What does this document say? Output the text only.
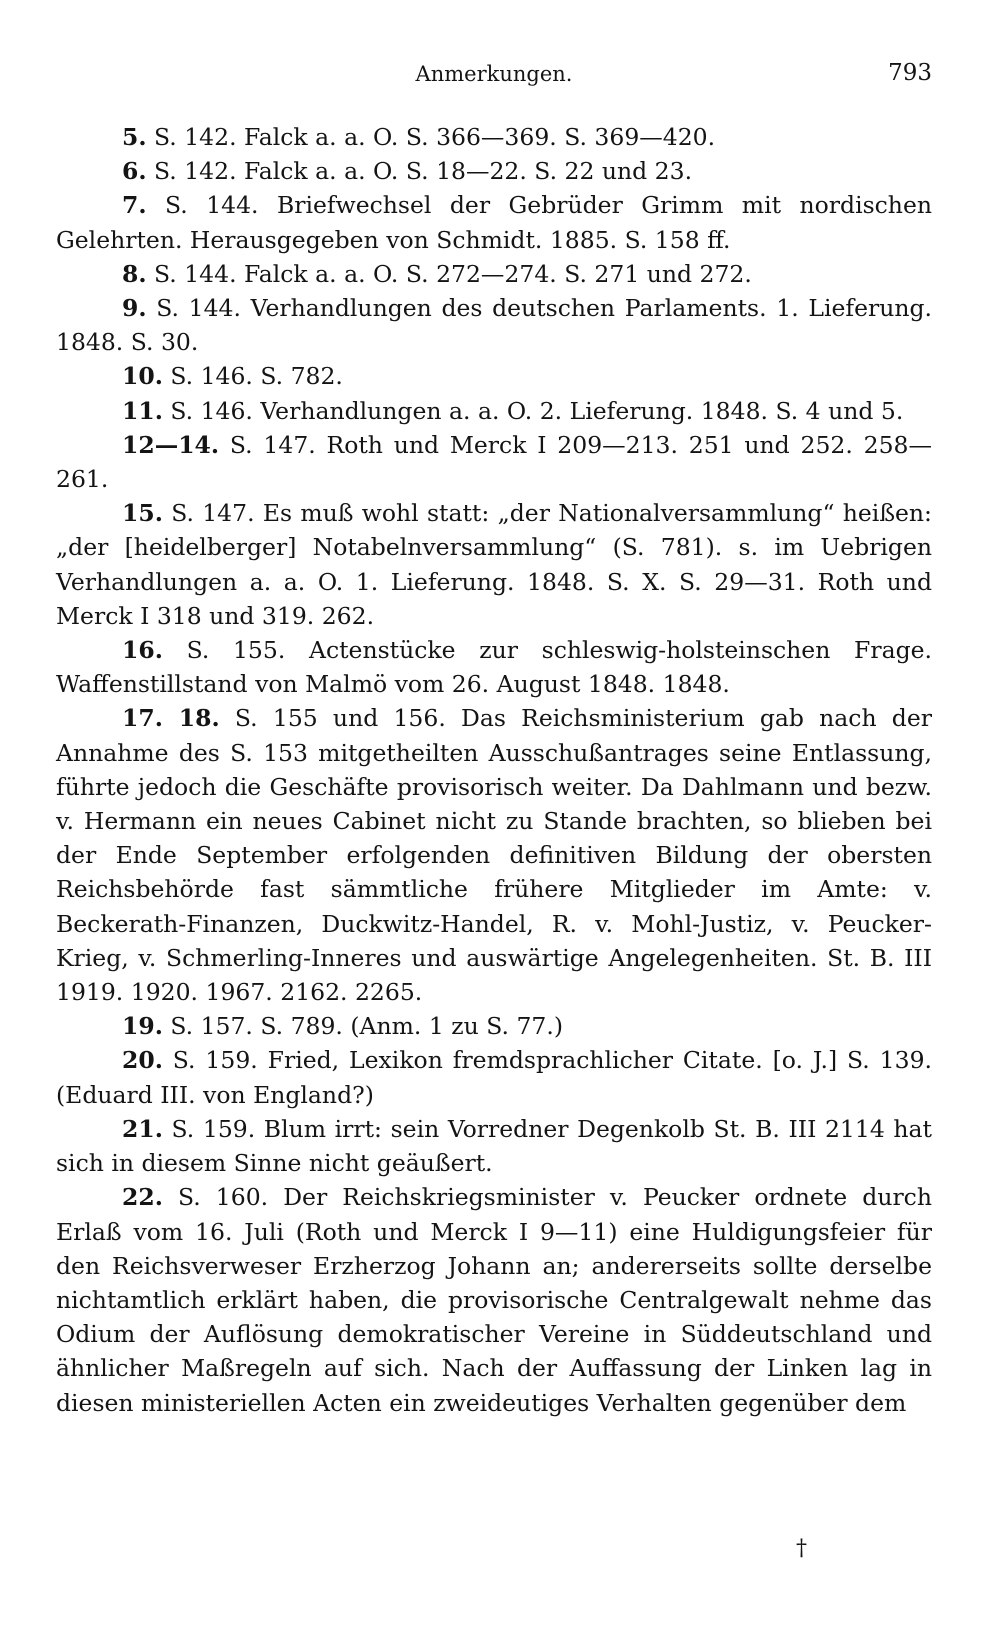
Anmerkungen.	793

5. S. 142. Falck a. a. O. S. 366—369. S. 369—420.

6. S. 142. Falck a. a. O. S. 18—22. S. 22 und 23.

7. S. 144. Briefwechsel der Gebrüder Grimm mit nordischen Gelehrten. Herausgegeben von Schmidt. 1885. S. 158 ff.

8. S. 144. Falck a. a. O. S. 272—274. S. 271 und 272.

9. S. 144. Verhandlungen des deutschen Parlaments. 1. Lieferung. 1848. S. 30.

10. S. 146. S. 782.

11. S. 146. Verhandlungen a. a. O. 2. Lieferung. 1848. S. 4 und 5.

12—14. S. 147. Roth und Merck I 209—213. 251 und 252. 258—261.

15. S. 147. Es muß wohl statt: „der Nationalversammlung“ heißen: „der [heidelberger] Notabelnversammlung“ (S. 781). s. im Uebrigen Verhandlungen a. a. O. 1. Lieferung. 1848. S. X. S. 29—31. Roth und Merck I 318 und 319. 262.

16. S. 155. Actenstücke zur schleswig-holsteinschen Frage. Waffenstillstand von Malmö vom 26. August 1848. 1848.

17. 18. S. 155 und 156. Das Reichsministerium gab nach der Annahme des S. 153 mitgetheilten Ausschußantrages seine Entlassung, führte jedoch die Geschäfte provisorisch weiter. Da Dahlmann und bezw. v. Hermann ein neues Cabinet nicht zu Stande brachten, so blieben bei der Ende September erfolgenden definitiven Bildung der obersten Reichsbehörde fast sämmtliche frühere Mitglieder im Amte: v. Beckerath-Finanzen, Duckwitz-Handel, R. v. Mohl-Justiz, v. Peucker-Krieg, v. Schmerling-Inneres und auswärtige Angelegenheiten. St. B. III 1919. 1920. 1967. 2162. 2265.

19. S. 157. S. 789. (Anm. 1 zu S. 77.)

20. S. 159. Fried, Lexikon fremdsprachlicher Citate. [o. J.] S. 139. (Eduard III. von England?)

21. S. 159. Blum irrt: sein Vorredner Degenkolb St. B. III 2114 hat sich in diesem Sinne nicht geäußert.

22. S. 160. Der Reichskriegsminister v. Peucker ordnete durch Erlaß vom 16. Juli (Roth und Merck I 9—11) eine Huldigungsfeier für den Reichsverweser Erzherzog Johann an; andererseits sollte derselbe nichtamtlich erklärt haben, die provisorische Centralgewalt nehme das Odium der Auflösung demokratischer Vereine in Süddeutschland und ähnlicher Maßregeln auf sich. Nach der Auffassung der Linken lag in diesen ministeriellen Acten ein zweideutiges Verhalten gegenüber dem

†
